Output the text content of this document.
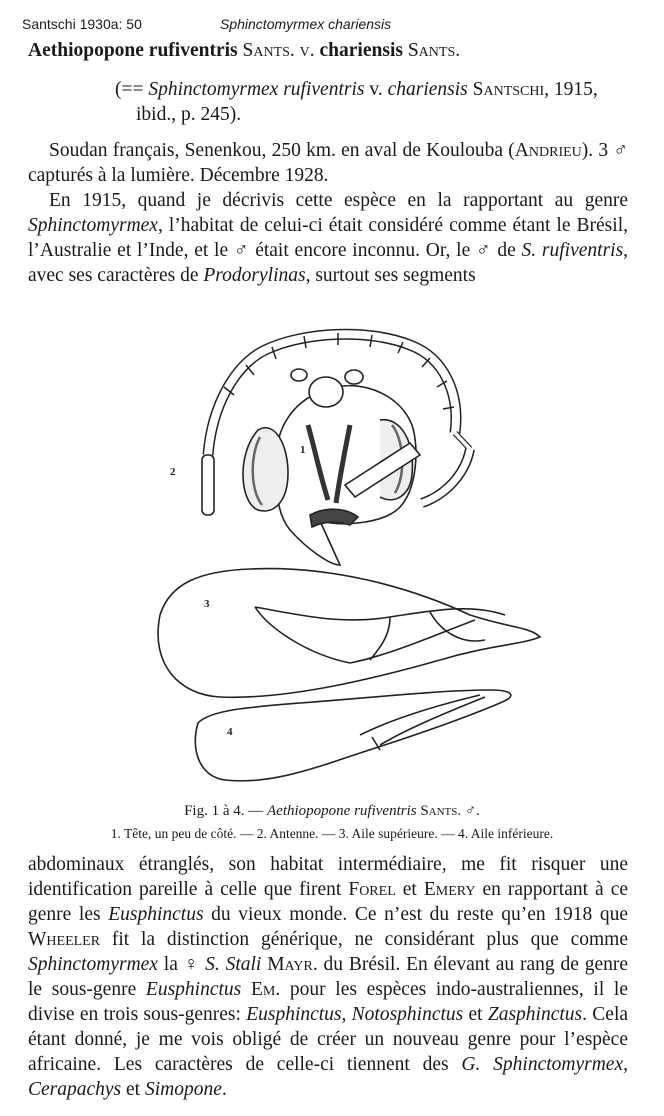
Santschi 1930a: 50	Sphinctomyrmex chariensis
Aethiopopone rufiventris Sants. v. chariensis Sants.
(== Sphinctomyrmex rufiventris v. chariensis Santschi, 1915,
ibid., p. 245).
Soudan français, Senenkou, 250 km. en aval de Koulouba (Andrieu). 3 ♂ capturés à la lumière. Décembre 1928.
En 1915, quand je décrivis cette espèce en la rapportant au genre Sphinctomyrmex, l’habitat de celui-ci était considéré comme étant le Brésil, l’Australie et l’Inde, et le ♂ était encore inconnu. Or, le ♂ de S. rufiventris, avec ses caractères de Prodorylinas, surtout ses segments
2
1
3
4
Fig. 1 à 4. — Aethiopopone rufiventris Sants. ♂.
1. Tête, un peu de côté. — 2. Antenne. — 3. Aile supérieure. — 4. Aile inférieure.
abdominaux étranglés, son habitat intermédiaire, me fit risquer une identification pareille à celle que firent Forel et Emery en rapportant à ce genre les Eusphinctus du vieux monde. Ce n’est du reste qu’en 1918 que Wheeler fit la distinction générique, ne considérant plus que comme Sphinctomyrmex la ♀ S. Stali Mayr. du Brésil. En élevant au rang de genre le sous-genre Eusphinctus Em. pour les espèces indo-australiennes, il le divise en trois sous-genres: Eusphinctus, Notosphinctus et Zasphinctus. Cela étant donné, je me vois obligé de créer un nouveau genre pour l’espèce africaine. Les caractères de celle-ci tiennent des G. Sphinctomyrmex, Cerapachys et Simopone.
